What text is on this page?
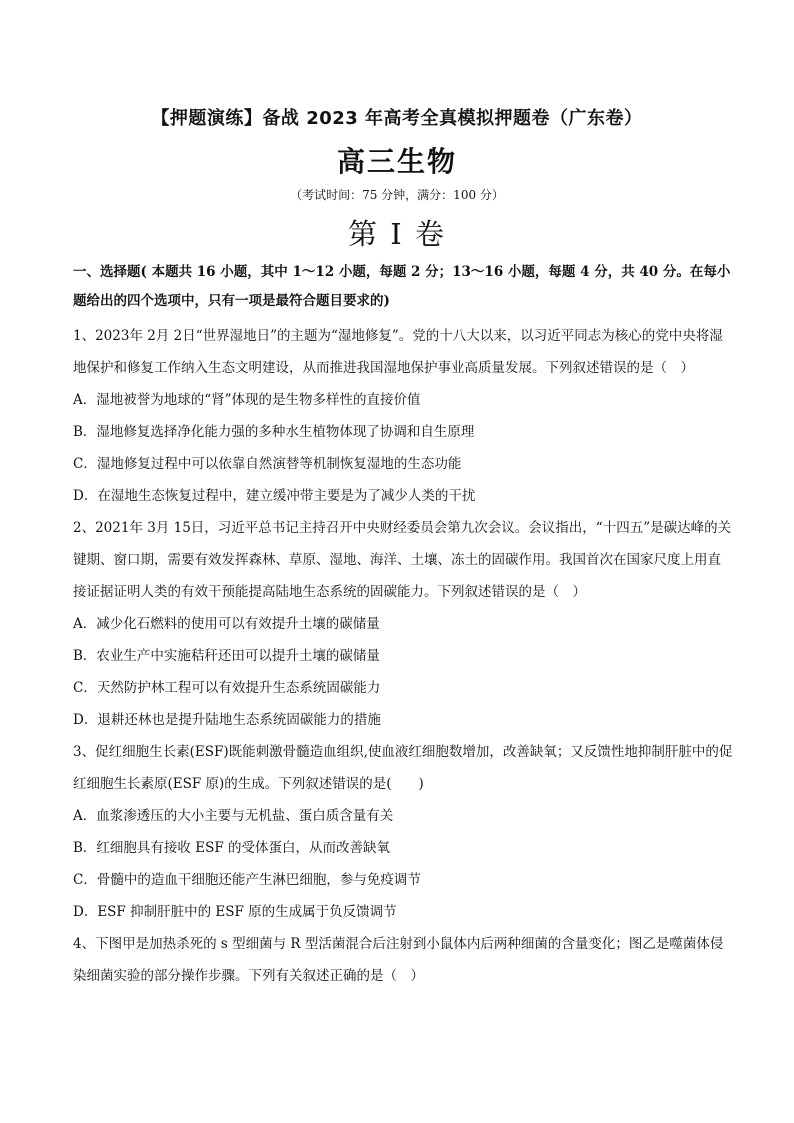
【押题演练】备战 2023 年高考全真模拟押题卷（广东卷）
高三生物
（考试时间：75 分钟，满分：100 分）
第 I 卷
一、选择题( 本题共 16 小题，其中 1～12 小题，每题 2 分；13～16 小题，每题 4 分，共 40 分。在每小题给出的四个选项中，只有一项是最符合题目要求的)
1、2023年 2月 2日“世界湿地日”的主题为“湿地修复”。党的十八大以来，以习近平同志为核心的党中央将湿地保护和修复工作纳入生态文明建设，从而推进我国湿地保护事业高质量发展。下列叙述错误的是（　）
A．湿地被誉为地球的“肾”体现的是生物多样性的直接价值
B．湿地修复选择净化能力强的多种水生植物体现了协调和自生原理
C．湿地修复过程中可以依靠自然演替等机制恢复湿地的生态功能
D．在湿地生态恢复过程中，建立缓冲带主要是为了减少人类的干扰
2、2021年 3月 15日，习近平总书记主持召开中央财经委员会第九次会议。会议指出，“十四五”是碳达峰的关键期、窗口期，需要有效发挥森林、草原、湿地、海洋、土壤、冻土的固碳作用。我国首次在国家尺度上用直接证据证明人类的有效干预能提高陆地生态系统的固碳能力。下列叙述错误的是（　）
A．减少化石燃料的使用可以有效提升土壤的碳储量
B．农业生产中实施秸秆还田可以提升土壤的碳储量
C．天然防护林工程可以有效提升生态系统固碳能力
D．退耕还林也是提升陆地生态系统固碳能力的措施
3、促红细胞生长素(ESF)既能刺激骨髓造血组织,使血液红细胞数增加，改善缺氧；又反馈性地抑制肝脏中的促红细胞生长素原(ESF 原)的生成。下列叙述错误的是(　　)
A．血浆渗透压的大小主要与无机盐、蛋白质含量有关
B．红细胞具有接收 ESF 的受体蛋白，从而改善缺氧
C．骨髓中的造血干细胞还能产生淋巴细胞，参与免疫调节
D．ESF 抑制肝脏中的 ESF 原的生成属于负反馈调节
4、下图甲是加热杀死的 s 型细菌与 R 型活菌混合后注射到小鼠体内后两种细菌的含量变化；图乙是噬菌体侵染细菌实验的部分操作步骤。下列有关叙述正确的是（　）
